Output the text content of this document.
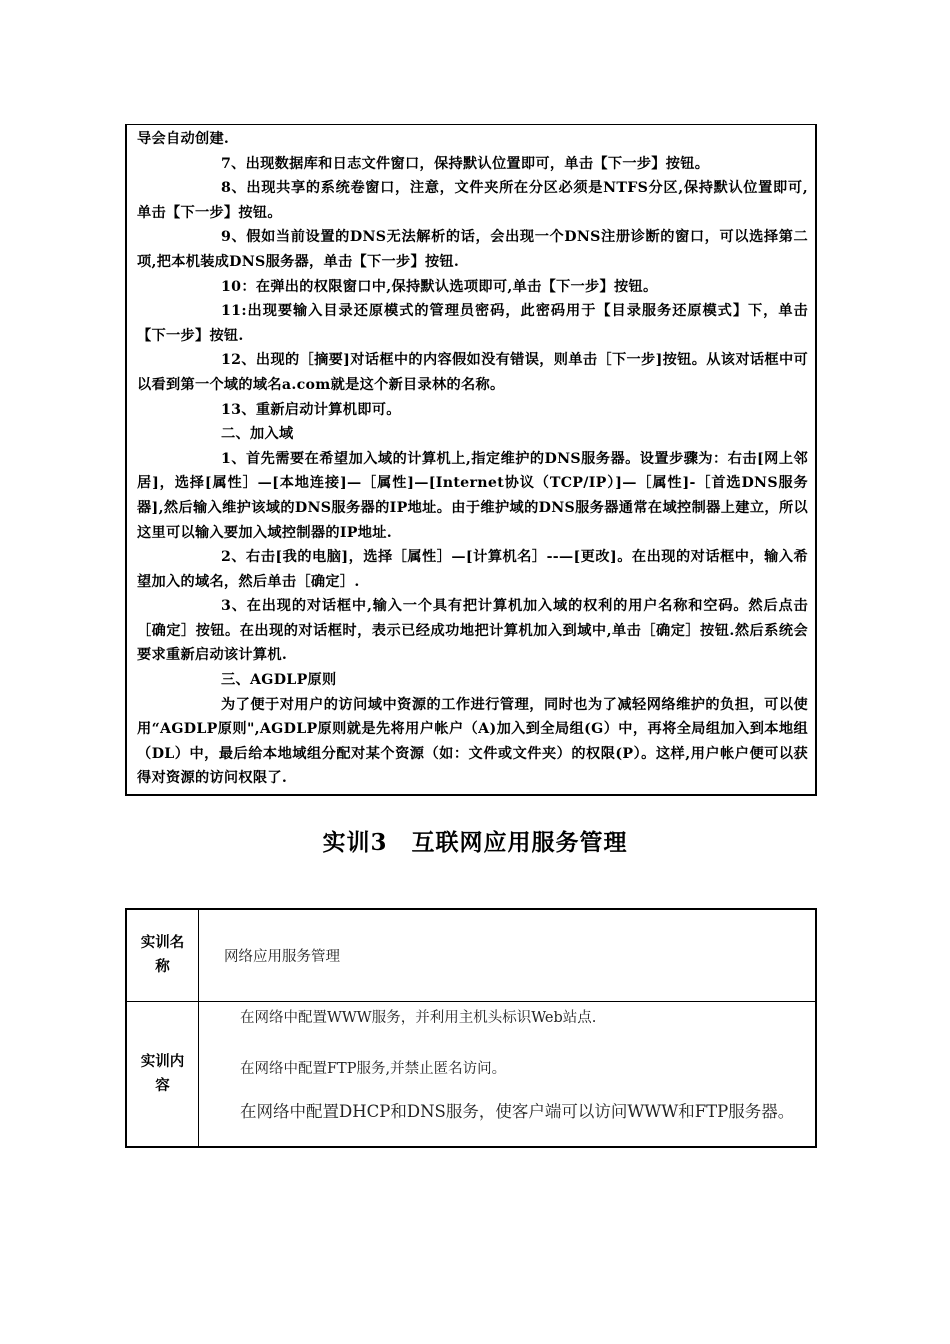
导会自动创建.

7、出现数据库和日志文件窗口，保持默认位置即可，单击【下一步】按钮。

8、出现共享的系统卷窗口，注意，文件夹所在分区必须是NTFS分区,保持默认位置即可,单击【下一步】按钮。

9、假如当前设置的DNS无法解析的话，会出现一个DNS注册诊断的窗口，可以选择第二项,把本机装成DNS服务器，单击【下一步】按钮.

10：在弹出的权限窗口中,保持默认选项即可,单击【下一步】按钮。

11:出现要输入目录还原模式的管理员密码，此密码用于【目录服务还原模式】下，单击【下一步】按钮.

12、出现的［摘要]对话框中的内容假如没有错误，则单击［下一步]按钮。从该对话框中可以看到第一个域的域名a.com就是这个新目录林的名称。

13、重新启动计算机即可。

二、加入域

1、首先需要在希望加入域的计算机上,指定维护的DNS服务器。设置步骤为：右击[网上邻居]，选择[属性］—[本地连接]—［属性]—[Internet协议（TCP/IP）]—［属性]-［首选DNS服务器],然后输入维护该域的DNS服务器的IP地址。由于维护域的DNS服务器通常在域控制器上建立，所以这里可以输入要加入域控制器的IP地址.

2、右击[我的电脑]，选择［属性］—[计算机名］--—[更改]。在出现的对话框中，输入希望加入的域名，然后单击［确定］.

3、在出现的对话框中,输入一个具有把计算机加入域的权利的用户名称和空码。然后点击［确定］按钮。在出现的对话框时，表示已经成功地把计算机加入到域中,单击［确定］按钮.然后系统会要求重新启动该计算机.

三、AGDLP原则

为了便于对用户的访问域中资源的工作进行管理，同时也为了减轻网络维护的负担，可以使用“AGDLP原则",AGDLP原则就是先将用户帐户（A)加入到全局组(G）中，再将全局组加入到本地组（DL）中，最后给本地域组分配对某个资源（如：文件或文件夹）的权限(P）。这样,用户帐户便可以获得对资源的访问权限了.

实训3　互联网应用服务管理
实训名称	网络应用服务管理

实训内容	在网络中配置WWW服务，并利用主机头标识Web站点.
在网络中配置FTP服务,并禁止匿名访问。
在网络中配置DHCP和DNS服务，使客户端可以访问WWW和FTP服务器。
